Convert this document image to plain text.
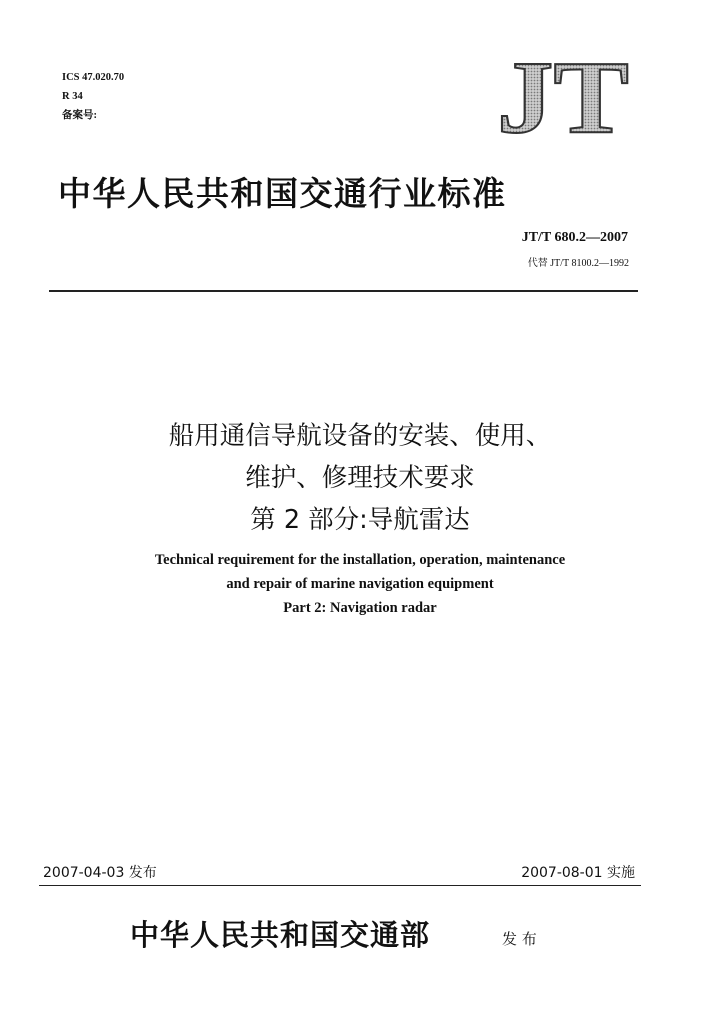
ICS 47.020.70
R 34
备案号:	JT
中华人民共和国交通行业标准
JT/T 680.2—2007
代替 JT/T 8100.2—1992
船用通信导航设备的安装、使用、
维护、修理技术要求
第 2 部分:导航雷达
Technical requirement for the installation, operation, maintenance
and repair of marine navigation equipment
Part 2: Navigation radar
2007-04-03 发布	2007-08-01 实施
中华人民共和国交通部	发 布
